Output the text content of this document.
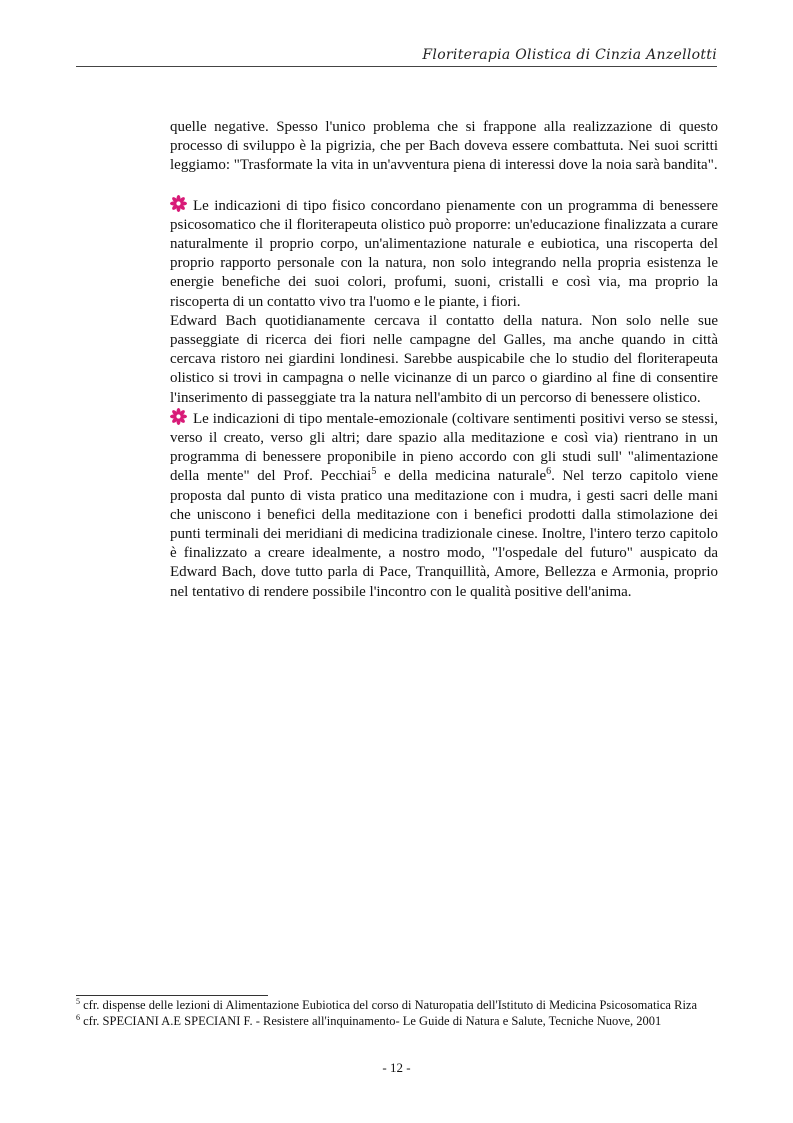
Floriterapia Olistica di Cinzia Anzellotti

quelle negative. Spesso l'unico problema che si frappone alla realizzazione di questo processo di sviluppo è la pigrizia, che per Bach doveva essere combattuta. Nei suoi scritti leggiamo: "Trasformate la vita in un'avventura piena di interessi dove la noia sarà bandita".

Le indicazioni di tipo fisico concordano pienamente con un programma di benessere psicosomatico che il floriterapeuta olistico può proporre: un'educazione finalizzata a curare naturalmente il proprio corpo, un'alimentazione naturale e eubiotica, una riscoperta del proprio rapporto personale con la natura, non solo integrando nella propria esistenza le energie benefiche dei suoi colori, profumi, suoni, cristalli e così via, ma proprio la riscoperta di un contatto vivo tra l'uomo e le piante, i fiori.

Edward Bach quotidianamente cercava il contatto della natura. Non solo nelle sue passeggiate di ricerca dei fiori nelle campagne del Galles, ma anche quando in città cercava ristoro nei giardini londinesi. Sarebbe auspicabile che lo studio del floriterapeuta olistico si trovi in campagna o nelle vicinanze di un parco o giardino al fine di consentire l'inserimento di passeggiate tra la natura nell'ambito di un percorso di benessere olistico.

Le indicazioni di tipo mentale-emozionale (coltivare sentimenti positivi verso se stessi, verso il creato, verso gli altri; dare spazio alla meditazione e così via) rientrano in un programma di benessere proponibile in pieno accordo con gli studi sull' "alimentazione della mente" del Prof. Pecchiai$^5$ e della medicina naturale$^6$. Nel terzo capitolo viene proposta dal punto di vista pratico una meditazione con i mudra, i gesti sacri delle mani che uniscono i benefici della meditazione con i benefici prodotti dalla stimolazione dei punti terminali dei meridiani di medicina tradizionale cinese. Inoltre, l'intero terzo capitolo è finalizzato a creare idealmente, a nostro modo, "l'ospedale del futuro" auspicato da Edward Bach, dove tutto parla di Pace, Tranquillità, Amore, Bellezza e Armonia, proprio nel tentativo di rendere possibile l'incontro con le qualità positive dell'anima.

$^5$ cfr. dispense delle lezioni di Alimentazione Eubiotica del corso di Naturopatia dell'Istituto di Medicina Psicosomatica Riza

$^6$ cfr. SPECIANI A.E SPECIANI F. - Resistere all'inquinamento- Le Guide di Natura e Salute, Tecniche Nuove, 2001

- 12 -
